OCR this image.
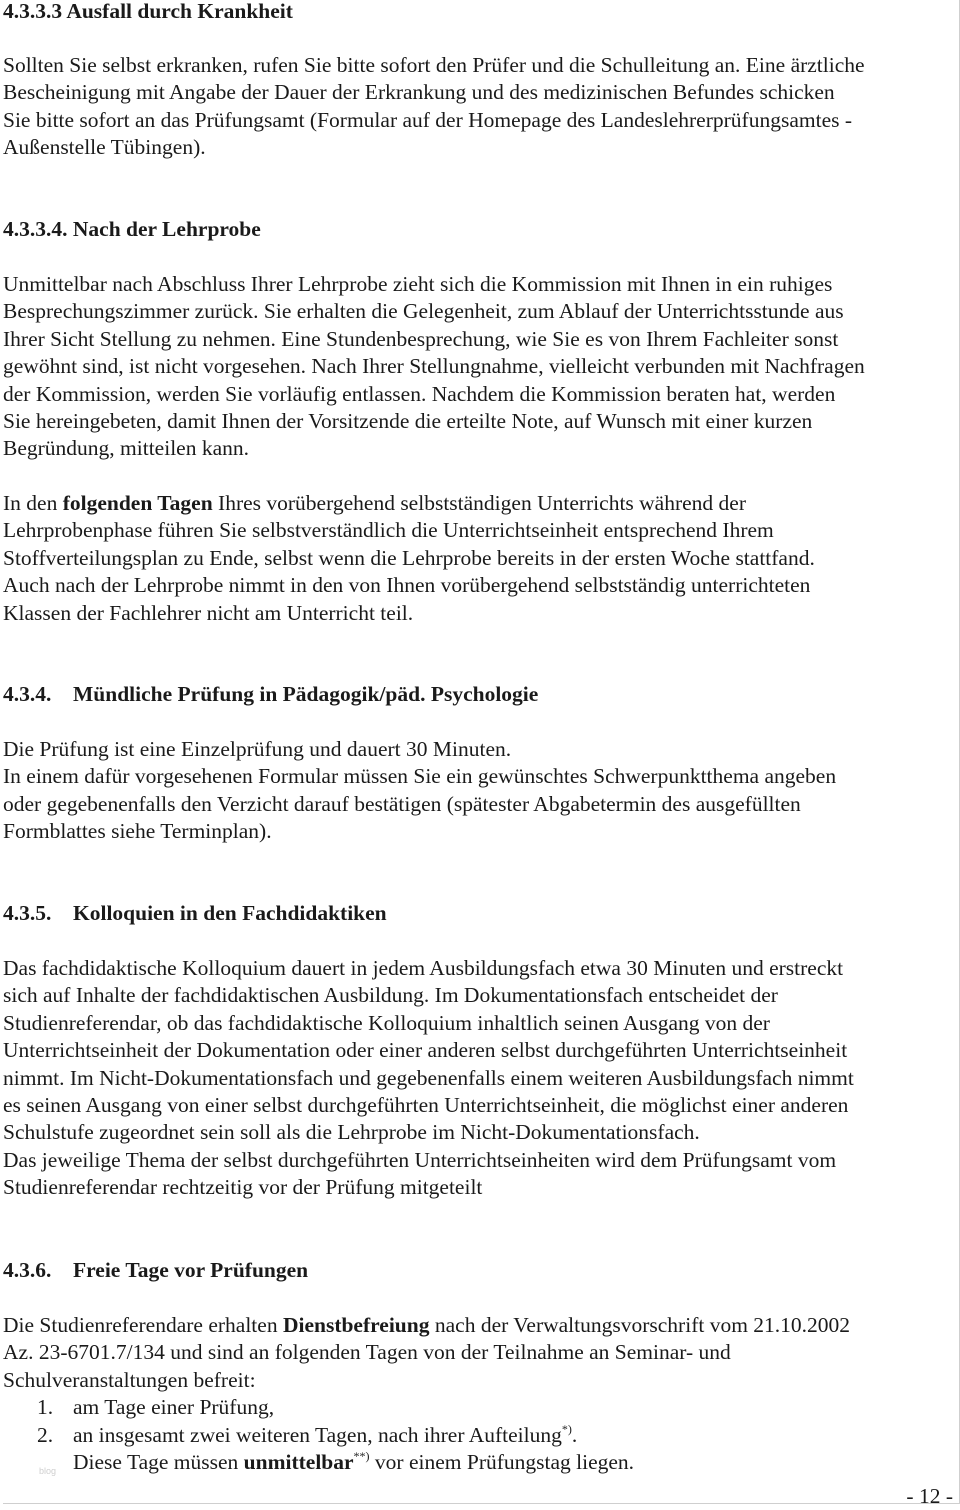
4.3.3.3 Ausfall durch Krankheit
Sollten Sie selbst erkranken, rufen Sie bitte sofort den Prüfer und die Schulleitung an. Eine ärztliche
Bescheinigung mit Angabe der Dauer der Erkrankung und des medizinischen Befundes schicken
Sie bitte sofort an das Prüfungsamt (Formular auf der Homepage des Landeslehrerprüfungsamtes -
Außenstelle Tübingen).
4.3.3.4. Nach der Lehrprobe
Unmittelbar nach Abschluss Ihrer Lehrprobe zieht sich die Kommission mit Ihnen in ein ruhiges
Besprechungszimmer zurück. Sie erhalten die Gelegenheit, zum Ablauf der Unterrichtsstunde aus
Ihrer Sicht Stellung zu nehmen. Eine Stundenbesprechung, wie Sie es von Ihrem Fachleiter sonst
gewöhnt sind, ist nicht vorgesehen. Nach Ihrer Stellungnahme, vielleicht verbunden mit Nachfragen
der Kommission, werden Sie vorläufig entlassen. Nachdem die Kommission beraten hat, werden
Sie hereingebeten, damit Ihnen der Vorsitzende die erteilte Note, auf Wunsch mit einer kurzen
Begründung, mitteilen kann.
In den folgenden Tagen Ihres vorübergehend selbstständigen Unterrichts während der
Lehrprobenphase führen Sie selbstverständlich die Unterrichtseinheit entsprechend Ihrem
Stoffverteilungsplan zu Ende, selbst wenn die Lehrprobe bereits in der ersten Woche stattfand.
Auch nach der Lehrprobe nimmt in den von Ihnen vorübergehend selbstständig unterrichteten
Klassen der Fachlehrer nicht am Unterricht teil.
4.3.4. Mündliche Prüfung in Pädagogik/päd. Psychologie
Die Prüfung ist eine Einzelprüfung und dauert 30 Minuten.
In einem dafür vorgesehenen Formular müssen Sie ein gewünschtes Schwerpunktthema angeben
oder gegebenenfalls den Verzicht darauf bestätigen (spätester Abgabetermin des ausgefüllten
Formblattes siehe Terminplan).
4.3.5. Kolloquien in den Fachdidaktiken
Das fachdidaktische Kolloquium dauert in jedem Ausbildungsfach etwa 30 Minuten und erstreckt
sich auf Inhalte der fachdidaktischen Ausbildung. Im Dokumentationsfach entscheidet der
Studienreferendar, ob das fachdidaktische Kolloquium inhaltlich seinen Ausgang von der
Unterrichtseinheit der Dokumentation oder einer anderen selbst durchgeführten Unterrichtseinheit
nimmt. Im Nicht-Dokumentationsfach und gegebenenfalls einem weiteren Ausbildungsfach nimmt
es seinen Ausgang von einer selbst durchgeführten Unterrichtseinheit, die möglichst einer anderen
Schulstufe zugeordnet sein soll als die Lehrprobe im Nicht-Dokumentationsfach.
Das jeweilige Thema der selbst durchgeführten Unterrichtseinheiten wird dem Prüfungsamt vom
Studienreferendar rechtzeitig vor der Prüfung mitgeteilt
4.3.6. Freie Tage vor Prüfungen
Die Studienreferendare erhalten Dienstbefreiung nach der Verwaltungsvorschrift vom 21.10.2002
Az. 23-6701.7/134 und sind an folgenden Tagen von der Teilnahme an Seminar- und
Schulveranstaltungen befreit:
1. am Tage einer Prüfung,
2. an insgesamt zwei weiteren Tagen, nach ihrer Aufteilung*).
Diese Tage müssen unmittelbar**) vor einem Prüfungstag liegen.
blog
- 12 -
